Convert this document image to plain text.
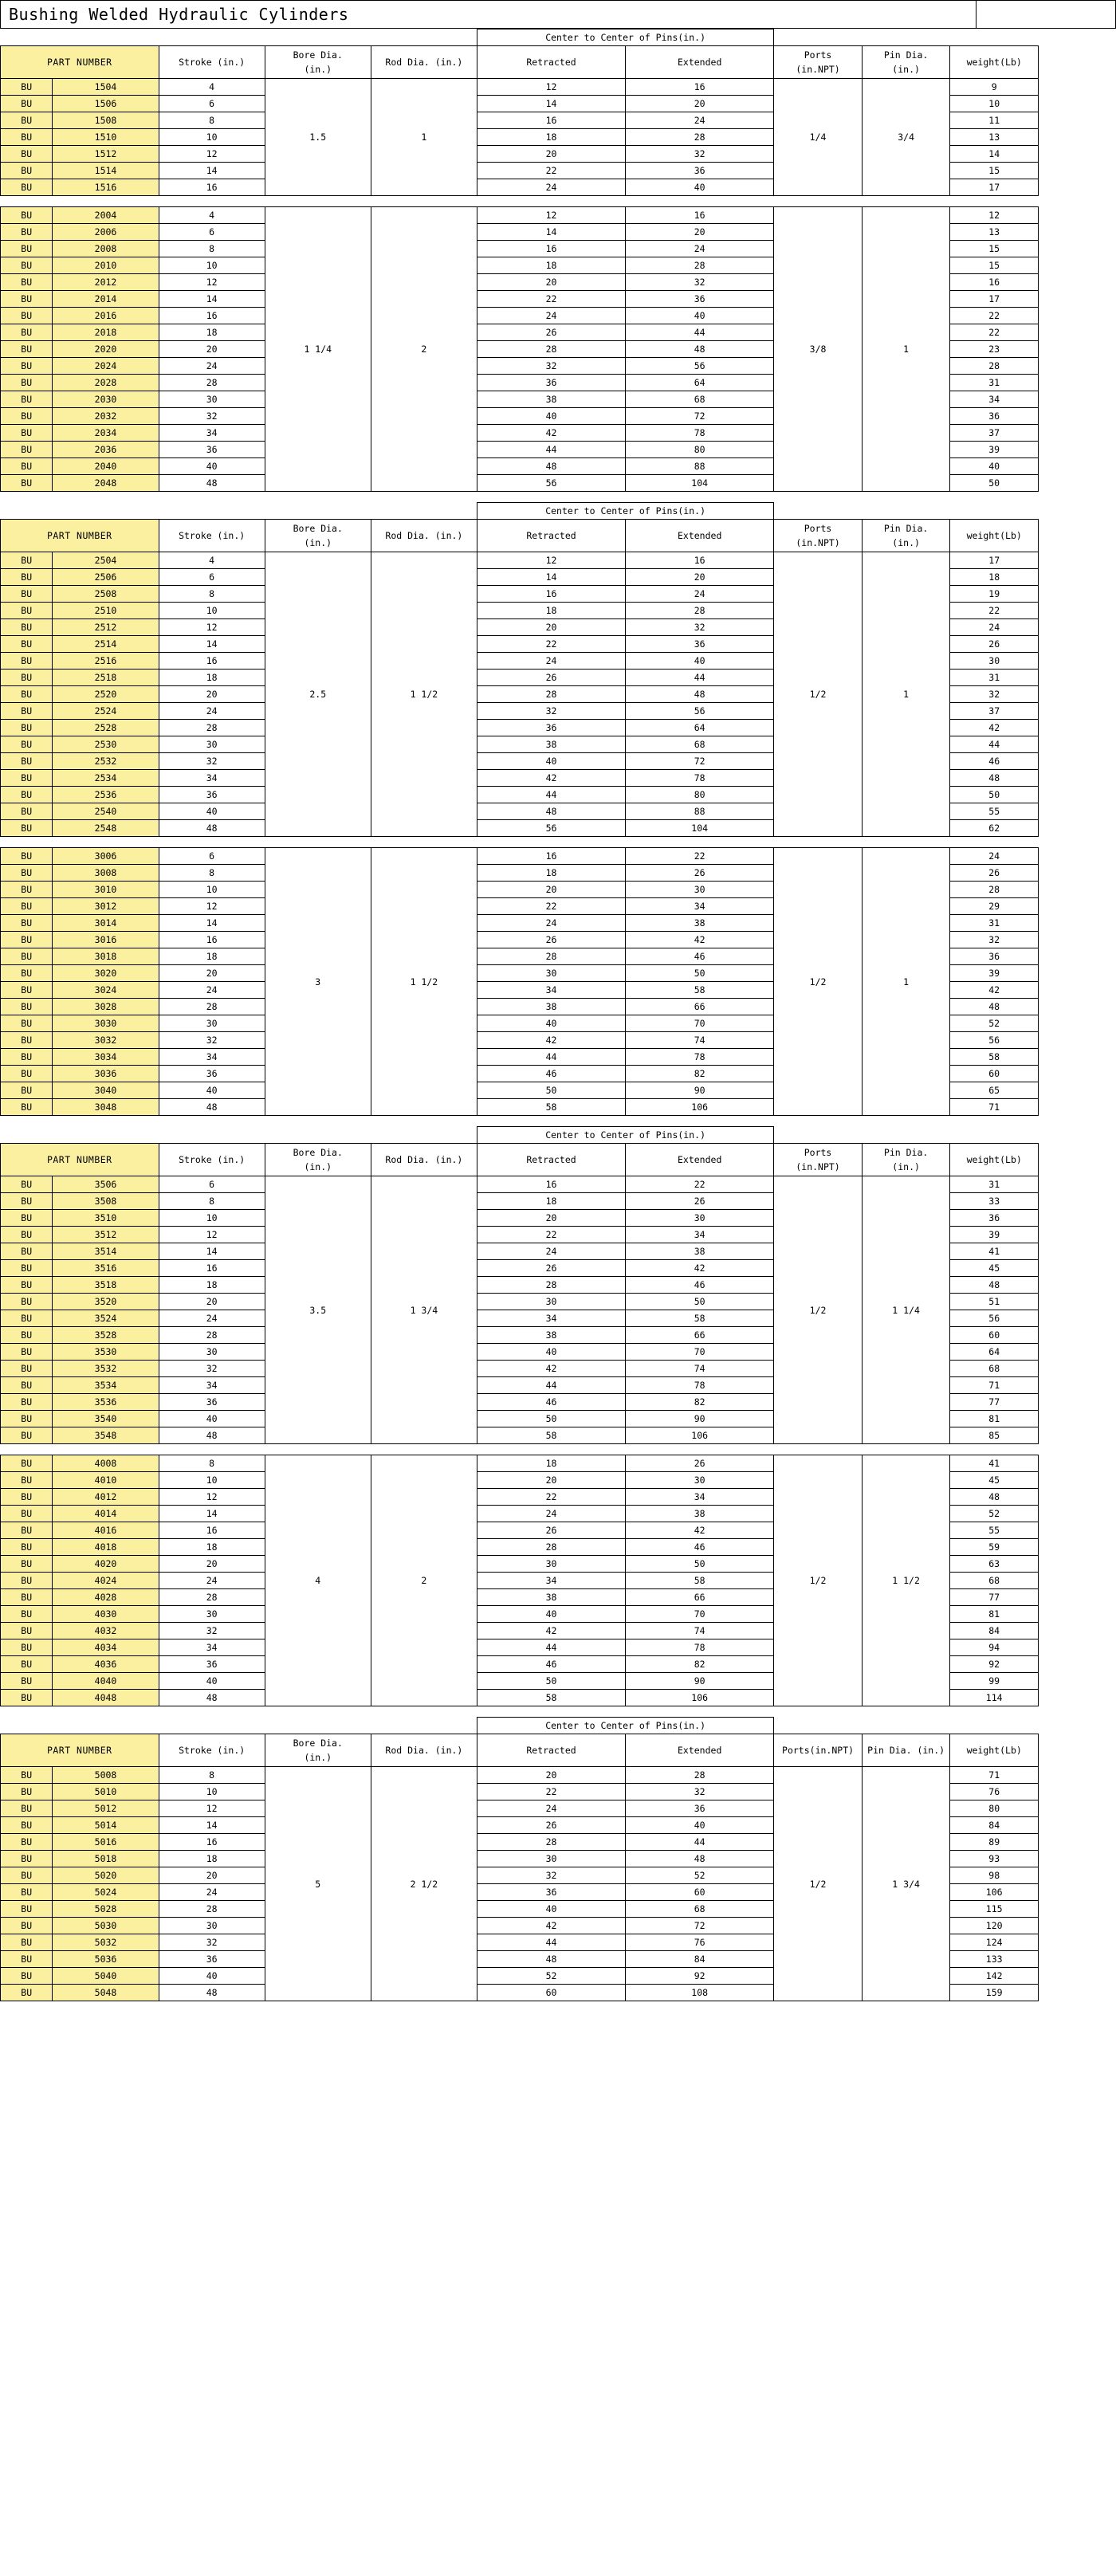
Bushing Welded Hydraulic Cylinders
					Center to Center of Pins(in.)				
PART NUMBER		Stroke (in.)	Bore Dia.
(in.)	Rod Dia. (in.)	Retracted	Extended	Ports
(in.NPT)	Pin Dia.
(in.)	weight(Lb)
BU	1504	4	1.5	1	12	16	1/4	3/4	9
BU	1506	6			14	20			10
BU	1508	8			16	24			11
BU	1510	10			18	28			13
BU	1512	12			20	32			14
BU	1514	14			22	36			15
BU	1516	16			24	40			17
BU	2004	4	1 1/4	2	12	16	3/8	1	12
BU	2006	6			14	20			13
BU	2008	8			16	24			15
BU	2010	10			18	28			15
BU	2012	12			20	32			16
BU	2014	14			22	36			17
BU	2016	16			24	40			22
BU	2018	18			26	44			22
BU	2020	20			28	48			23
BU	2024	24			32	56			28
BU	2028	28			36	64			31
BU	2030	30			38	68			34
BU	2032	32			40	72			36
BU	2034	34			42	78			37
BU	2036	36			44	80			39
BU	2040	40			48	88			40
BU	2048	48			56	104			50
					Center to Center of Pins(in.)				
PART NUMBER		Stroke (in.)	Bore Dia.
(in.)	Rod Dia. (in.)	Retracted	Extended	Ports
(in.NPT)	Pin Dia.
(in.)	weight(Lb)
BU	2504	4	2.5	1 1/2	12	16	1/2	1	17
BU	2506	6			14	20			18
BU	2508	8			16	24			19
BU	2510	10			18	28			22
BU	2512	12			20	32			24
BU	2514	14			22	36			26
BU	2516	16			24	40			30
BU	2518	18			26	44			31
BU	2520	20			28	48			32
BU	2524	24			32	56			37
BU	2528	28			36	64			42
BU	2530	30			38	68			44
BU	2532	32			40	72			46
BU	2534	34			42	78			48
BU	2536	36			44	80			50
BU	2540	40			48	88			55
BU	2548	48			56	104			62
BU	3006	6	3	1 1/2	16	22	1/2	1	24
BU	3008	8			18	26			26
BU	3010	10			20	30			28
BU	3012	12			22	34			29
BU	3014	14			24	38			31
BU	3016	16			26	42			32
BU	3018	18			28	46			36
BU	3020	20			30	50			39
BU	3024	24			34	58			42
BU	3028	28			38	66			48
BU	3030	30			40	70			52
BU	3032	32			42	74			56
BU	3034	34			44	78			58
BU	3036	36			46	82			60
BU	3040	40			50	90			65
BU	3048	48			58	106			71
					Center to Center of Pins(in.)				
PART NUMBER		Stroke (in.)	Bore Dia.
(in.)	Rod Dia. (in.)	Retracted	Extended	Ports
(in.NPT)	Pin Dia.
(in.)	weight(Lb)
BU	3506	6	3.5	1 3/4	16	22	1/2	1 1/4	31
BU	3508	8			18	26			33
BU	3510	10			20	30			36
BU	3512	12			22	34			39
BU	3514	14			24	38			41
BU	3516	16			26	42			45
BU	3518	18			28	46			48
BU	3520	20			30	50			51
BU	3524	24			34	58			56
BU	3528	28			38	66			60
BU	3530	30			40	70			64
BU	3532	32			42	74			68
BU	3534	34			44	78			71
BU	3536	36			46	82			77
BU	3540	40			50	90			81
BU	3548	48			58	106			85
BU	4008	8	4	2	18	26	1/2	1 1/2	41
BU	4010	10			20	30			45
BU	4012	12			22	34			48
BU	4014	14			24	38			52
BU	4016	16			26	42			55
BU	4018	18			28	46			59
BU	4020	20			30	50			63
BU	4024	24			34	58			68
BU	4028	28			38	66			77
BU	4030	30			40	70			81
BU	4032	32			42	74			84
BU	4034	34			44	78			94
BU	4036	36			46	82			92
BU	4040	40			50	90			99
BU	4048	48			58	106			114
					Center to Center of Pins(in.)				
PART NUMBER		Stroke (in.)	Bore Dia.
(in.)	Rod Dia. (in.)	Retracted	Extended	Ports(in.NPT)	Pin Dia. (in.)	weight(Lb)
BU	5008	8	5	2 1/2	20	28	1/2	1 3/4	71
BU	5010	10			22	32			76
BU	5012	12			24	36			80
BU	5014	14			26	40			84
BU	5016	16			28	44			89
BU	5018	18			30	48			93
BU	5020	20			32	52			98
BU	5024	24			36	60			106
BU	5028	28			40	68			115
BU	5030	30			42	72			120
BU	5032	32			44	76			124
BU	5036	36			48	84			133
BU	5040	40			52	92			142
BU	5048	48			60	108			159
